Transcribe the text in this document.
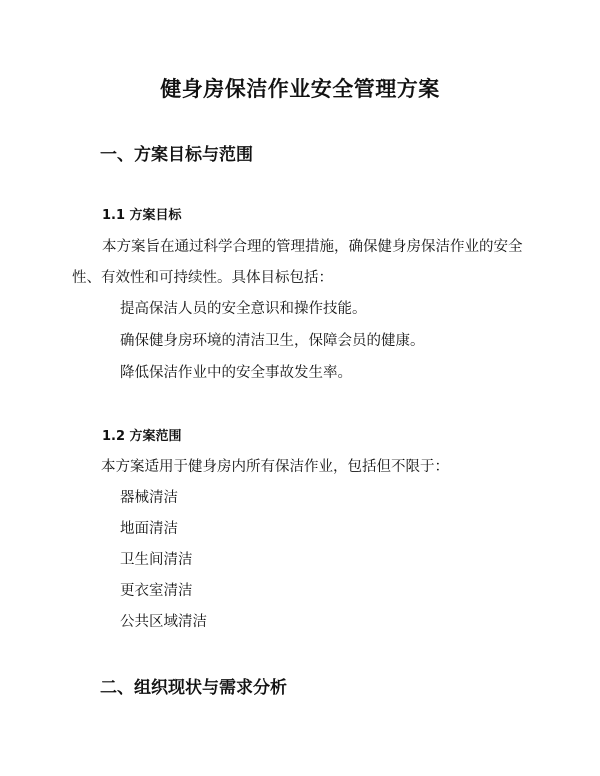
健身房保洁作业安全管理方案
一、方案目标与范围
1.1 方案目标

本方案旨在通过科学合理的管理措施，确保健身房保洁作业的安全性、有效性和可持续性。具体目标包括：

提高保洁人员的安全意识和操作技能。
确保健身房环境的清洁卫生，保障会员的健康。
降低保洁作业中的安全事故发生率。
1.2 方案范围
本方案适用于健身房内所有保洁作业，包括但不限于：
器械清洁
地面清洁
卫生间清洁
更衣室清洁
公共区域清洁
二、组织现状与需求分析
